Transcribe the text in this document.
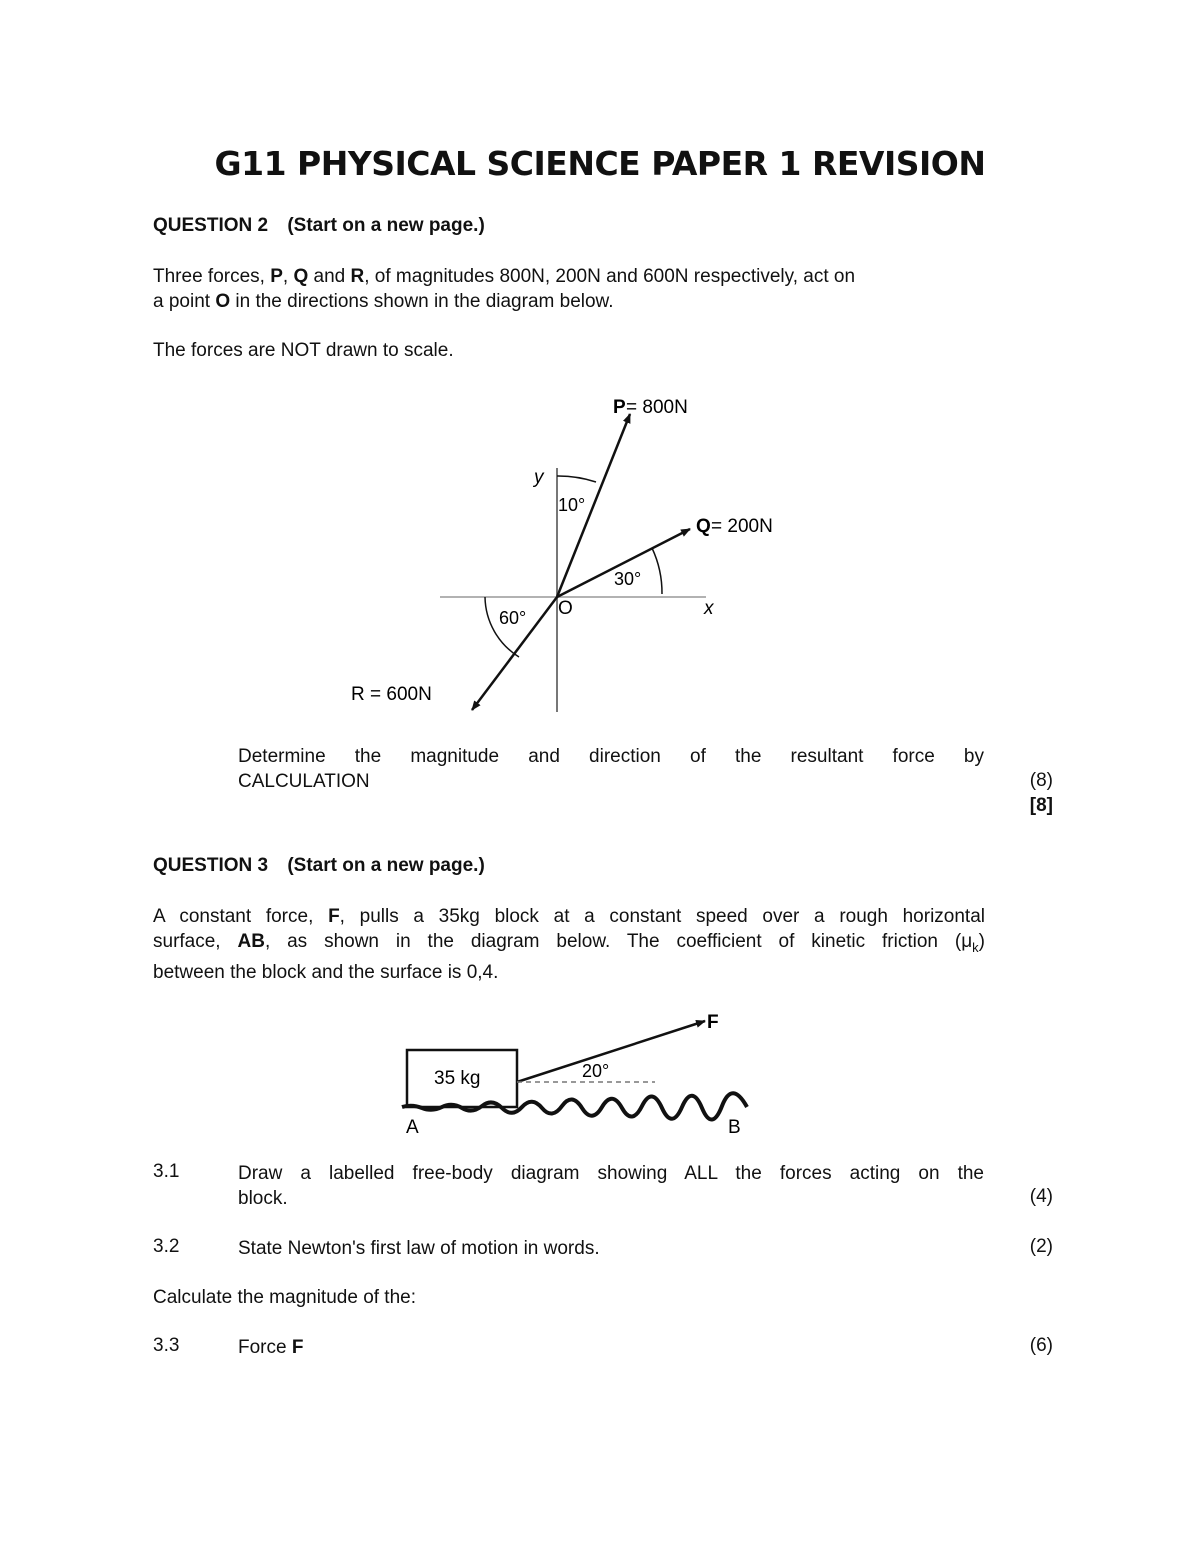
G11 PHYSICAL SCIENCE PAPER 1 REVISION
QUESTION 2 (Start on a new page.)
Three forces, P, Q and R, of magnitudes 800N, 200N and 600N respectively, act on
a point O in the directions shown in the diagram below.
The forces are NOT drawn to scale.
P = 800N
Q = 200N
R = 600N
y
x
O
10°
30°
60°
Determine the magnitude and direction of the resultant force by
CALCULATION	(8)
[8]
QUESTION 3 (Start on a new page.)
A constant force, F, pulls a 35kg block at a constant speed over a rough horizontal
surface, AB, as shown in the diagram below. The coefficient of kinetic friction $(\mu_k)$
between the block and the surface is 0,4.
35 kg	20°
F
A	B
3.1	Draw a labelled free-body diagram showing ALL the forces acting on the
block.	(4)
3.2	State Newton's first law of motion in words.	(2)
Calculate the magnitude of the:
3.3	Force F	(6)
